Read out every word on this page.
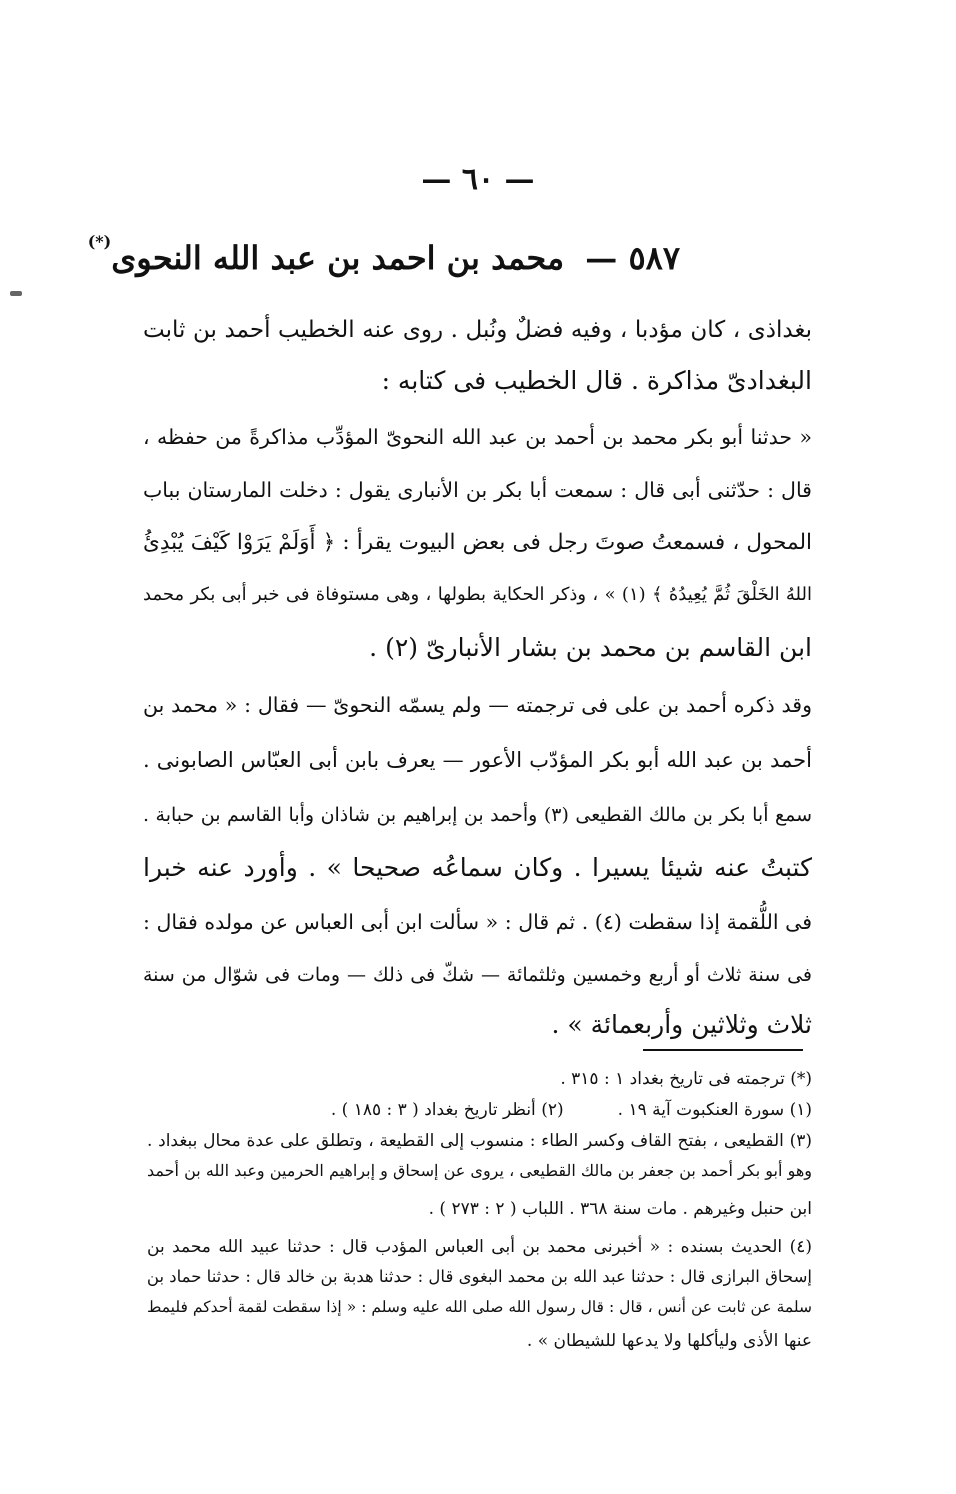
— ٦٠ —
٥٨٧ — محمد بن احمد بن عبد الله النحوى(*)
بغداذى ، كان مؤدبا ، وفيه فضلٌ ونُبل . روى عنه الخطيب أحمد بن ثابت
البغدادىّ مذاكرة . قال الخطيب فى كتابه :
« حدثنا أبو بكر محمد بن أحمد بن عبد الله النحوىّ المؤدِّب مذاكرةً من حفظه ،
قال : حدّثنى أبى قال : سمعت أبا بكر بن الأنبارى يقول : دخلت المارستان بباب
المحول ، فسمعتُ صوتَ رجل فى بعض البيوت يقرأ : ﴿ أَوَلَمْ يَرَوْا كَيْفَ يُبْدِئُ
اللهُ الخَلْقَ ثُمَّ يُعِيدُهُ ﴾ (١) » ، وذكر الحكاية بطولها ، وهى مستوفاة فى خبر أبى بكر محمد
ابن القاسم بن محمد بن بشار الأنبارىّ (٢) .
وقد ذكره أحمد بن على فى ترجمته — ولم يسمّه النحوىّ — فقال : « محمد بن
أحمد بن عبد الله أبو بكر المؤدّب الأعور — يعرف بابن أبى العبّاس الصابونى .
سمع أبا بكر بن مالك القطيعى (٣) وأحمد بن إبراهيم بن شاذان وأبا القاسم بن حبابة .
كتبتُ عنه شيئا يسيرا . وكان سماعُه صحيحا » . وأورد عنه خبرا
فى اللُّقمة إذا سقطت (٤) . ثم قال : « سألت ابن أبى العباس عن مولده فقال :
فى سنة ثلاث أو أربع وخمسين وثلثمائة — شكّ فى ذلك — ومات فى شوّال من سنة
ثلاث وثلاثين وأربعمائة » .
(*) ترجمته فى تاريخ بغداد ١ : ٣١٥ .
(١) سورة العنكبوت آية ١٩ .          (٢) أنظر تاريخ بغداد ( ٣ : ١٨٥ ) .
(٣) القطيعى ، بفتح القاف وكسر الطاء : منسوب إلى القطيعة ، وتطلق على عدة محال ببغداد .
وهو أبو بكر أحمد بن جعفر بن مالك القطيعى ، يروى عن إسحاق و إبراهيم الحرمين وعبد الله بن أحمد
ابن حنبل وغيرهم . مات سنة ٣٦٨ . اللباب ( ٢ : ٢٧٣ ) .
(٤) الحديث بسنده : « أخبرنى محمد بن أبى العباس المؤدب قال : حدثنا عبيد الله محمد بن
إسحاق البرازى قال : حدثنا عبد الله بن محمد البغوى قال : حدثنا هدبة بن خالد قال : حدثنا حماد بن
سلمة عن ثابت عن أنس ، قال : قال رسول الله صلى الله عليه وسلم : « إذا سقطت لقمة أحدكم فليمط
عنها الأذى وليأكلها ولا يدعها للشيطان » .
